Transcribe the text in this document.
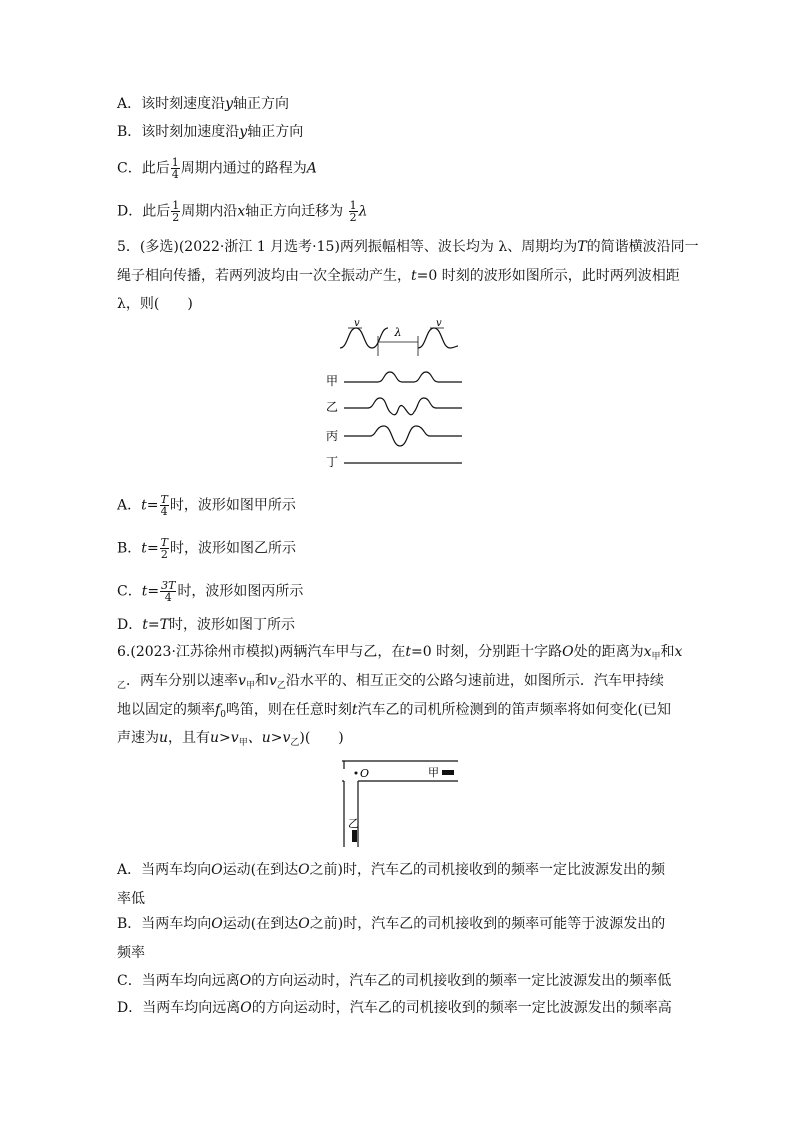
A．该时刻速度沿y轴正方向
B．该时刻加速度沿y轴正方向
C．此后 $\frac{1}{4}$ 周期内通过的路程为A
D．此后 $\frac{1}{2}$ 周期内沿x轴正方向迁移为 $\frac{1}{2}$ λ
5．(多选)(2022·浙江 1 月选考·15)两列振幅相等、波长均为 λ、周期均为T的简谐横波沿同一
绳子相向传播，若两列波均由一次全振动产生，t=0 时刻的波形如图所示，此时两列波相距
λ，则(　　)
λ
v	v
甲
乙
丙
丁
A．$t= \frac{T}{4}$ 时，波形如图甲所示
B．$t= \frac{T}{2}$ 时，波形如图乙所示
C．$t= \frac{3T}{4}$ 时，波形如图丙所示
D．t=T时，波形如图丁所示
6.(2023·江苏徐州市模拟)两辆汽车甲与乙，在t=0 时刻，分别距十字路O处的距离为$x_甲$和x
$_乙$．两车分别以速率$v_甲$和$v_乙$沿水平的、相互正交的公路匀速前进，如图所示．汽车甲持续
地以固定的频率$f_0$鸣笛，则在任意时刻t汽车乙的司机所检测到的笛声频率将如何变化(已知
声速为u，且有$u>v_甲$、$u>v_乙$)(　　)
O	甲
乙
A．当两车均向O运动(在到达O之前)时，汽车乙的司机接收到的频率一定比波源发出的频
率低
B．当两车均向O运动(在到达O之前)时，汽车乙的司机接收到的频率可能等于波源发出的
频率
C．当两车均向远离O的方向运动时，汽车乙的司机接收到的频率一定比波源发出的频率低
D．当两车均向远离O的方向运动时，汽车乙的司机接收到的频率一定比波源发出的频率高
